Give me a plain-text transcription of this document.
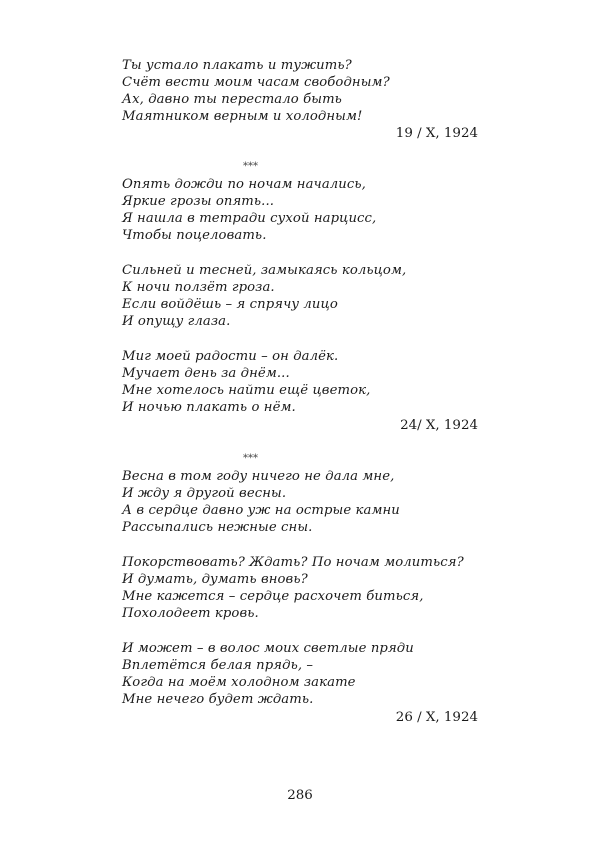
Ты устало плакать и тужить?
Счёт вести моим часам свободным?
Ах, давно ты перестало быть
Маятником верным и холодным!
19 / X, 1924
***
Опять дожди по ночам начались,
Яркие грозы опять...
Я нашла в тетради сухой нарцисс,
Чтобы поцеловать.
Сильней и тесней, замыкаясь кольцом,
К ночи ползёт гроза.
Если войдёшь – я спрячу лицо
И опущу глаза.
Миг моей радости – он далёк.
Мучает день за днём...
Мне хотелось найти ещё цветок,
И ночью плакать о нём.
24/ X, 1924
***
Весна в том году ничего не дала мне,
И жду я другой весны.
А в сердце давно уж на острые камни
Рассыпались нежные сны.
Покорствовать? Ждать? По ночам молиться?
И думать, думать вновь?
Мне кажется – сердце расхочет биться,
Похолодеет кровь.
И может – в волос моих светлые пряди
Вплетётся белая прядь, –
Когда на моём холодном закате
Мне нечего будет ждать.
26 / X, 1924
286
